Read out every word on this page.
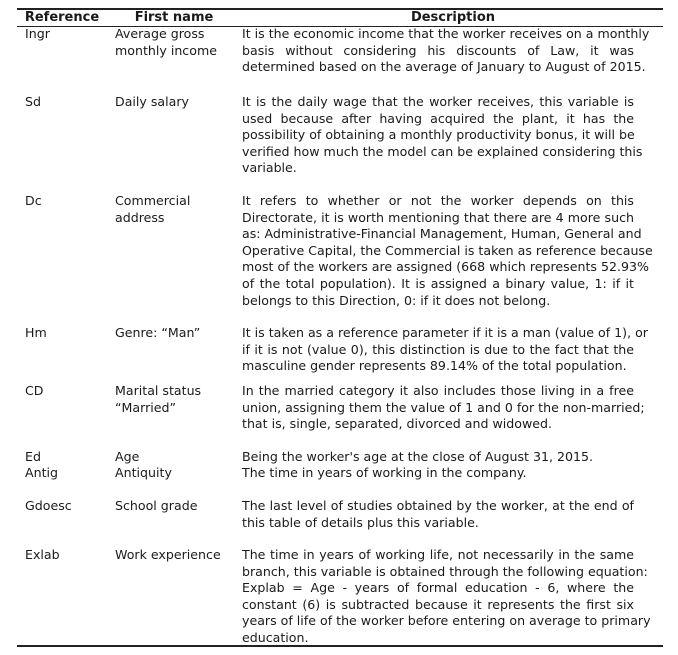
Reference	First name	Description
Ingr	Average gross monthly income
It is the economic income that the worker receives on a monthly
basis without considering his discounts of Law, it was
determined based on the average of January to August of 2015.
Sd	Daily salary	It is the daily wage that the worker receives, this variable is
used because after having acquired the plant, it has the
possibility of obtaining a monthly productivity bonus, it will be
verified how much the model can be explained considering this
variable.
Dc	Commercial address
It refers to whether or not the worker depends on this
Directorate, it is worth mentioning that there are 4 more such
as: Administrative-Financial Management, Human, General and
Operative Capital, the Commercial is taken as reference because
most of the workers are assigned (668 which represents 52.93%
of the total population). It is assigned a binary value, 1: if it
belongs to this Direction, 0: if it does not belong.
Hm	Genre: “Man”	It is taken as a reference parameter if it is a man (value of 1), or
if it is not (value 0), this distinction is due to the fact that the
masculine gender represents 89.14% of the total population.
CD	Marital status “Married”
In the married category it also includes those living in a free
union, assigning them the value of 1 and 0 for the non-married;
that is, single, separated, divorced and widowed.
Ed	Age	Being the worker's age at the close of August 31, 2015.
Antig	Antiquity	The time in years of working in the company.
Gdoesc	School grade	The last level of studies obtained by the worker, at the end of
this table of details plus this variable.
Exlab	Work experience	The time in years of working life, not necessarily in the same
branch, this variable is obtained through the following equation:
Explab = Age - years of formal education - 6, where the
constant (6) is subtracted because it represents the first six
years of life of the worker before entering on average to primary
education.
